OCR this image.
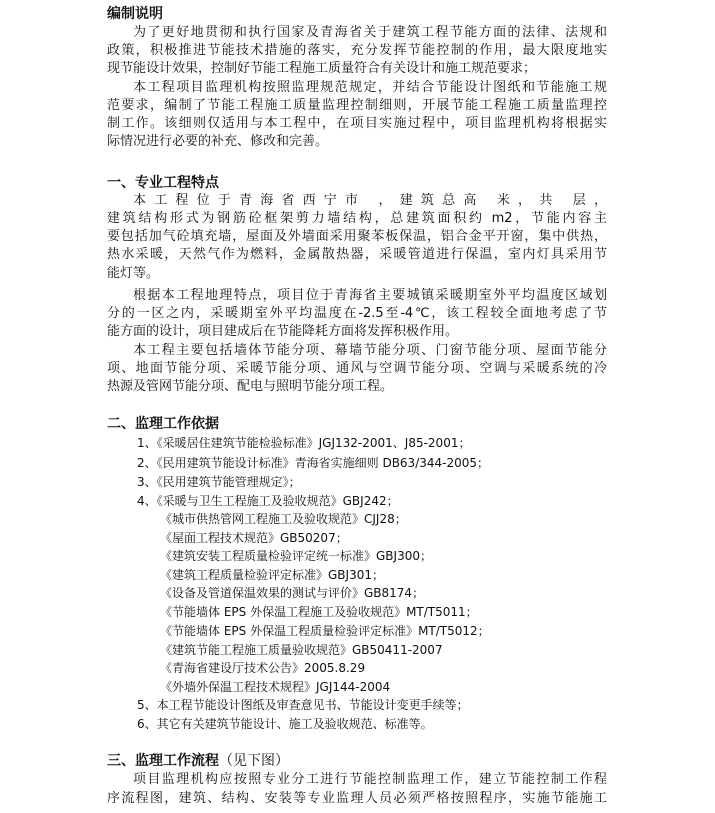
编制说明
为了更好地贯彻和执行国家及青海省关于建筑工程节能方面的法律、法规和
政策，积极推进节能技术措施的落实，充分发挥节能控制的作用，最大限度地实
现节能设计效果，控制好节能工程施工质量符合有关设计和施工规范要求；
本工程项目监理机构按照监理规范规定，并结合节能设计图纸和节能施工规
范要求，编制了节能工程施工质量监理控制细则，开展节能工程施工质量监理控
制工作。该细则仅适用与本工程中，在项目实施过程中，项目监理机构将根据实
际情况进行必要的补充、修改和完善。
一、专业工程特点
本工程位于青海省西宁市 ，建筑总高 米，共 层，
建筑结构形式为钢筋砼框架剪力墙结构，总建筑面积约 m2，节能内容主
要包括加气砼填充墙，屋面及外墙面采用聚苯板保温，铝合金平开窗，集中供热，
热水采暖，天然气作为燃料，金属散热器，采暖管道进行保温，室内灯具采用节
能灯等。
根据本工程地理特点，项目位于青海省主要城镇采暖期室外平均温度区域划
分的一区之内，采暖期室外平均温度在-2.5至-4℃，该工程较全面地考虑了节
能方面的设计，项目建成后在节能降耗方面将发挥积极作用。
本工程主要包括墙体节能分项、幕墙节能分项、门窗节能分项、屋面节能分
项、地面节能分项、采暖节能分项、通风与空调节能分项、空调与采暖系统的冷
热源及管网节能分项、配电与照明节能分项工程。
二、监理工作依据
1、《采暖居住建筑节能检验标准》JGJ132-2001、J85-2001；
2、《民用建筑节能设计标准》青海省实施细则 DB63/344-2005；
3、《民用建筑节能管理规定》；
4、《采暖与卫生工程施工及验收规范》GBJ242；
《城市供热管网工程施工及验收规范》CJJ28；
《屋面工程技术规范》GB50207；
《建筑安装工程质量检验评定统一标准》GBJ300；
《建筑工程质量检验评定标准》GBJ301；
《设备及管道保温效果的测试与评价》GB8174；
《节能墙体 EPS 外保温工程施工及验收规范》MT/T5011；
《节能墙体 EPS 外保温工程质量检验评定标准》MT/T5012；
《建筑节能工程施工质量验收规范》GB50411-2007
《青海省建设厅技术公告》2005.8.29
《外墙外保温工程技术规程》JGJ144-2004
5、本工程节能设计图纸及审查意见书、节能设计变更手续等；
6、其它有关建筑节能设计、施工及验收规范、标准等。
三、监理工作流程（见下图）
项目监理机构应按照专业分工进行节能控制监理工作，建立节能控制工作程
序流程图，建筑、结构、安装等专业监理人员必须严格按照程序，实施节能施工
